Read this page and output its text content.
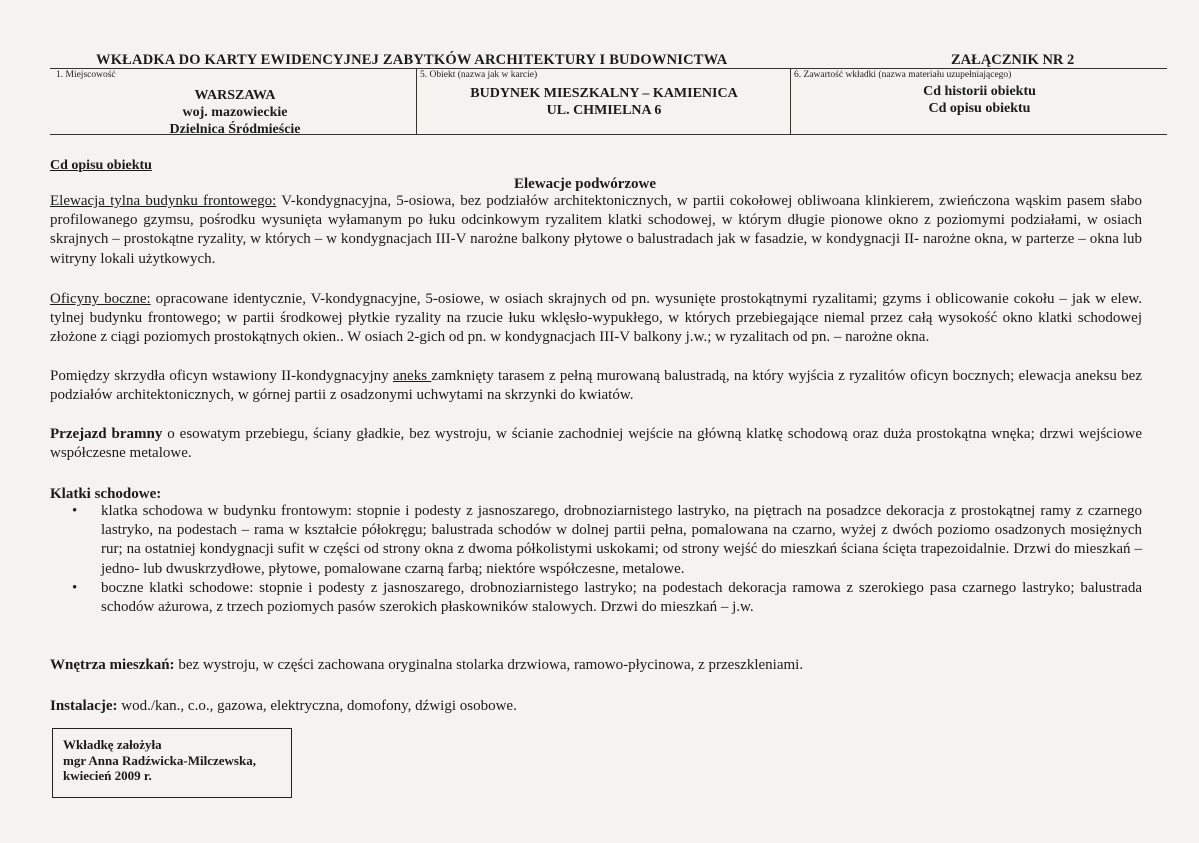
WKŁADKA DO KARTY EWIDENCYJNEJ ZABYTKÓW ARCHITEKTURY I BUDOWNICTWA	ZAŁĄCZNIK NR 2
1. Miejscowość
WARSZAWA
woj. mazowieckie
Dzielnica Śródmieście
5. Obiekt (nazwa jak w karcie)
BUDYNEK MIESZKALNY – KAMIENICA
UL. CHMIELNA 6
6. Zawartość wkładki (nazwa materiału uzupełniającego)
Cd historii obiektu
Cd opisu obiektu
Cd opisu obiektu
Elewacje podwórzowe
Elewacja tylna budynku frontowego: V-kondygnacyjna, 5-osiowa, bez podziałów architektonicznych, w partii cokołowej obliwoana klinkierem, zwieńczona wąskim pasem słabo profilowanego gzymsu, pośrodku wysunięta wyłamanym po łuku odcinkowym ryzalitem klatki schodowej, w którym długie pionowe okno z poziomymi podziałami, w osiach skrajnych – prostokątne ryzality, w których – w kondygnacjach III-V narożne balkony płytowe o balustradach jak w fasadzie, w kondygnacji II- narożne okna, w parterze – okna lub witryny lokali użytkowych.
Oficyny boczne: opracowane identycznie, V-kondygnacyjne, 5-osiowe, w osiach skrajnych od pn. wysunięte prostokątnymi ryzalitami; gzyms i oblicowanie cokołu – jak w elew. tylnej budynku frontowego; w partii środkowej płytkie ryzality na rzucie łuku wklęsło-wypukłego, w których przebiegające niemal przez całą wysokość okno klatki schodowej złożone z ciągi poziomych prostokątnych okien.. W osiach 2-gich od pn. w kondygnacjach III-V balkony j.w.; w ryzalitach od pn. – narożne okna.
Pomiędzy skrzydła oficyn wstawiony II-kondygnacyjny aneks zamknięty tarasem z pełną murowaną balustradą, na który wyjścia z ryzalitów oficyn bocznych; elewacja aneksu bez podziałów architektonicznych, w górnej partii z osadzonymi uchwytami na skrzynki do kwiatów.
Przejazd bramny o esowatym przebiegu, ściany gładkie, bez wystroju, w ścianie zachodniej wejście na główną klatkę schodową oraz duża prostokątna wnęka; drzwi wejściowe współczesne metalowe.
Klatki schodowe:
• klatka schodowa w budynku frontowym: stopnie i podesty z jasnoszarego, drobnoziarnistego lastryko, na piętrach na posadzce dekoracja z prostokątnej ramy z czarnego lastryko, na podestach – rama w kształcie półokręgu; balustrada schodów w dolnej partii pełna, pomalowana na czarno, wyżej z dwóch poziomo osadzonych mosiężnych rur; na ostatniej kondygnacji sufit w części od strony okna z dwoma półkolistymi uskokami; od strony wejść do mieszkań ściana ścięta trapezoidalnie. Drzwi do mieszkań – jedno- lub dwuskrzydłowe, płytowe, pomalowane czarną farbą; niektóre współczesne, metalowe.
• boczne klatki schodowe: stopnie i podesty z jasnoszarego, drobnoziarnistego lastryko; na podestach dekoracja ramowa z szerokiego pasa czarnego lastryko; balustrada schodów ażurowa, z trzech poziomych pasów szerokich płaskowników stalowych. Drzwi do mieszkań – j.w.
Wnętrza mieszkań: bez wystroju, w części zachowana oryginalna stolarka drzwiowa, ramowo-płycinowa, z przeszkleniami.
Instalacje: wod./kan., c.o., gazowa, elektryczna, domofony, dźwigi osobowe.
Wkładkę założyła
mgr Anna Radźwicka-Milczewska,
kwiecień 2009 r.
